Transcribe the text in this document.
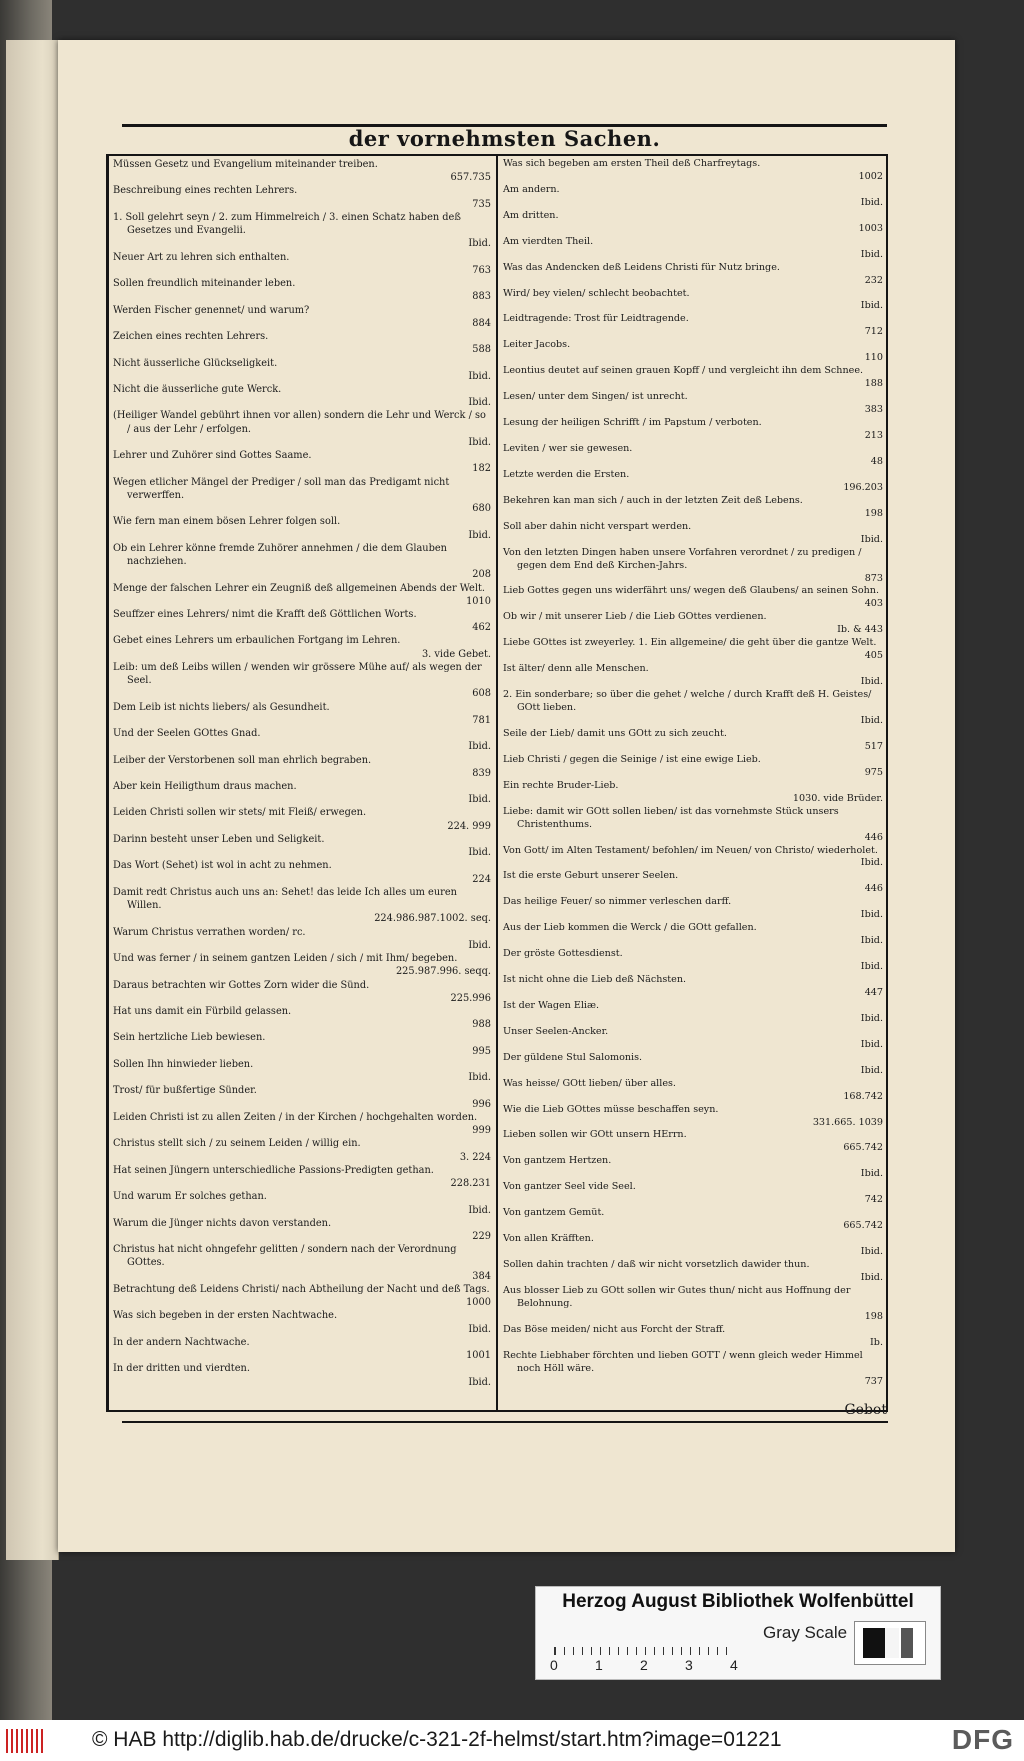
der vornehmsten Sachen.
Gebot
Müssen Gesetz und Evangelium miteinander treiben.
657.735
Beschreibung eines rechten Lehrers.
735
1. Soll gelehrt seyn / 2. zum Himmelreich / 3. einen Schatz haben deß Gesetzes und Evangelii.
Ibid.
Neuer Art zu lehren sich enthalten.
763
Sollen freundlich miteinander leben.
883
Werden Fischer genennet/ und warum?
884
Zeichen eines rechten Lehrers.
588
Nicht äusserliche Glückseligkeit.
Ibid.
Nicht die äusserliche gute Werck.
Ibid.
(Heiliger Wandel gebührt ihnen vor allen) sondern die Lehr und Werck / so / aus der Lehr / erfolgen.
Ibid.
Lehrer und Zuhörer sind Gottes Saame.
182
Wegen etlicher Mängel der Prediger / soll man das Predigamt nicht verwerffen.
680
Wie fern man einem bösen Lehrer folgen soll.
Ibid.
Ob ein Lehrer könne fremde Zuhörer annehmen / die dem Glauben nachziehen.
208
Menge der falschen Lehrer ein Zeugniß deß allgemeinen Abends der Welt.
1010
Seuffzer eines Lehrers/ nimt die Krafft deß Göttlichen Worts.
462
Gebet eines Lehrers um erbaulichen Fortgang im Lehren.
3. vide Gebet.
Leib: um deß Leibs willen / wenden wir grössere Mühe auf/ als wegen der Seel.
608
Dem Leib ist nichts liebers/ als Gesundheit.
781
Und der Seelen GOttes Gnad.
Ibid.
Leiber der Verstorbenen soll man ehrlich begraben.
839
Aber kein Heiligthum draus machen.
Ibid.
Leiden Christi sollen wir stets/ mit Fleiß/ erwegen.
224. 999
Darinn besteht unser Leben und Seligkeit.
Ibid.
Das Wort (Sehet) ist wol in acht zu nehmen.
224
Damit redt Christus auch uns an: Sehet! das leide Ich alles um euren Willen.
224.986.987.1002. seq.
Warum Christus verrathen worden/ rc.
Ibid.
Und was ferner / in seinem gantzen Leiden / sich / mit Ihm/ begeben.
225.987.996. seqq.
Daraus betrachten wir Gottes Zorn wider die Sünd.
225.996
Hat uns damit ein Fürbild gelassen.
988
Sein hertzliche Lieb bewiesen.
995
Sollen Ihn hinwieder lieben.
Ibid.
Trost/ für bußfertige Sünder.
996
Leiden Christi ist zu allen Zeiten / in der Kirchen / hochgehalten worden.
999
Christus stellt sich / zu seinem Leiden / willig ein.
3. 224
Hat seinen Jüngern unterschiedliche Passions-Predigten gethan.
228.231
Und warum Er solches gethan.
Ibid.
Warum die Jünger nichts davon verstanden.
229
Christus hat nicht ohngefehr gelitten / sondern nach der Verordnung GOttes.
384
Betrachtung deß Leidens Christi/ nach Abtheilung der Nacht und deß Tags.
1000
Was sich begeben in der ersten Nachtwache.
Ibid.
In der andern Nachtwache.
1001
In der dritten und vierdten.
Ibid.
Was sich begeben am ersten Theil deß Charfreytags.
1002
Am andern.
Ibid.
Am dritten.
1003
Am vierdten Theil.
Ibid.
Was das Andencken deß Leidens Christi für Nutz bringe.
232
Wird/ bey vielen/ schlecht beobachtet.
Ibid.
Leidtragende: Trost für Leidtragende.
712
Leiter Jacobs.
110
Leontius deutet auf seinen grauen Kopff / und vergleicht ihn dem Schnee.
188
Lesen/ unter dem Singen/ ist unrecht.
383
Lesung der heiligen Schrifft / im Papstum / verboten.
213
Leviten / wer sie gewesen.
48
Letzte werden die Ersten.
196.203
Bekehren kan man sich / auch in der letzten Zeit deß Lebens.
198
Soll aber dahin nicht verspart werden.
Ibid.
Von den letzten Dingen haben unsere Vorfahren verordnet / zu predigen / gegen dem End deß Kirchen-Jahrs.
873
Lieb Gottes gegen uns widerfährt uns/ wegen deß Glaubens/ an seinen Sohn.
403
Ob wir / mit unserer Lieb / die Lieb GOttes verdienen.
Ib. & 443
Liebe GOttes ist zweyerley. 1. Ein allgemeine/ die geht über die gantze Welt.
405
Ist älter/ denn alle Menschen.
Ibid.
2. Ein sonderbare; so über die gehet / welche / durch Krafft deß H. Geistes/ GOtt lieben.
Ibid.
Seile der Lieb/ damit uns GOtt zu sich zeucht.
517
Lieb Christi / gegen die Seinige / ist eine ewige Lieb.
975
Ein rechte Bruder-Lieb.
1030. vide Brüder.
Liebe: damit wir GOtt sollen lieben/ ist das vornehmste Stück unsers Christenthums.
446
Von Gott/ im Alten Testament/ befohlen/ im Neuen/ von Christo/ wiederholet.
Ibid.
Ist die erste Geburt unserer Seelen.
446
Das heilige Feuer/ so nimmer verleschen darff.
Ibid.
Aus der Lieb kommen die Werck / die GOtt gefallen.
Ibid.
Der gröste Gottesdienst.
Ibid.
Ist nicht ohne die Lieb deß Nächsten.
447
Ist der Wagen Eliæ.
Ibid.
Unser Seelen-Ancker.
Ibid.
Der güldene Stul Salomonis.
Ibid.
Was heisse/ GOtt lieben/ über alles.
168.742
Wie die Lieb GOttes müsse beschaffen seyn.
331.665. 1039
Lieben sollen wir GOtt unsern HErrn.
665.742
Von gantzem Hertzen.
Ibid.
Von gantzer Seel vide Seel.
742
Von gantzem Gemüt.
665.742
Von allen Kräfften.
Ibid.
Sollen dahin trachten / daß wir nicht vorsetzlich dawider thun.
Ibid.
Aus blosser Lieb zu GOtt sollen wir Gutes thun/ nicht aus Hoffnung der Belohnung.
198
Das Böse meiden/ nicht aus Forcht der Straff.
Ib.
Rechte Liebhaber förchten und lieben GOTT / wenn gleich weder Himmel noch Höll wäre.
737
Herzog August Bibliothek Wolfenbüttel
0	1	2	3	4
Gray Scale
© HAB http://diglib.hab.de/drucke/c-321-2f-helmst/start.htm?image=01221	DFG
